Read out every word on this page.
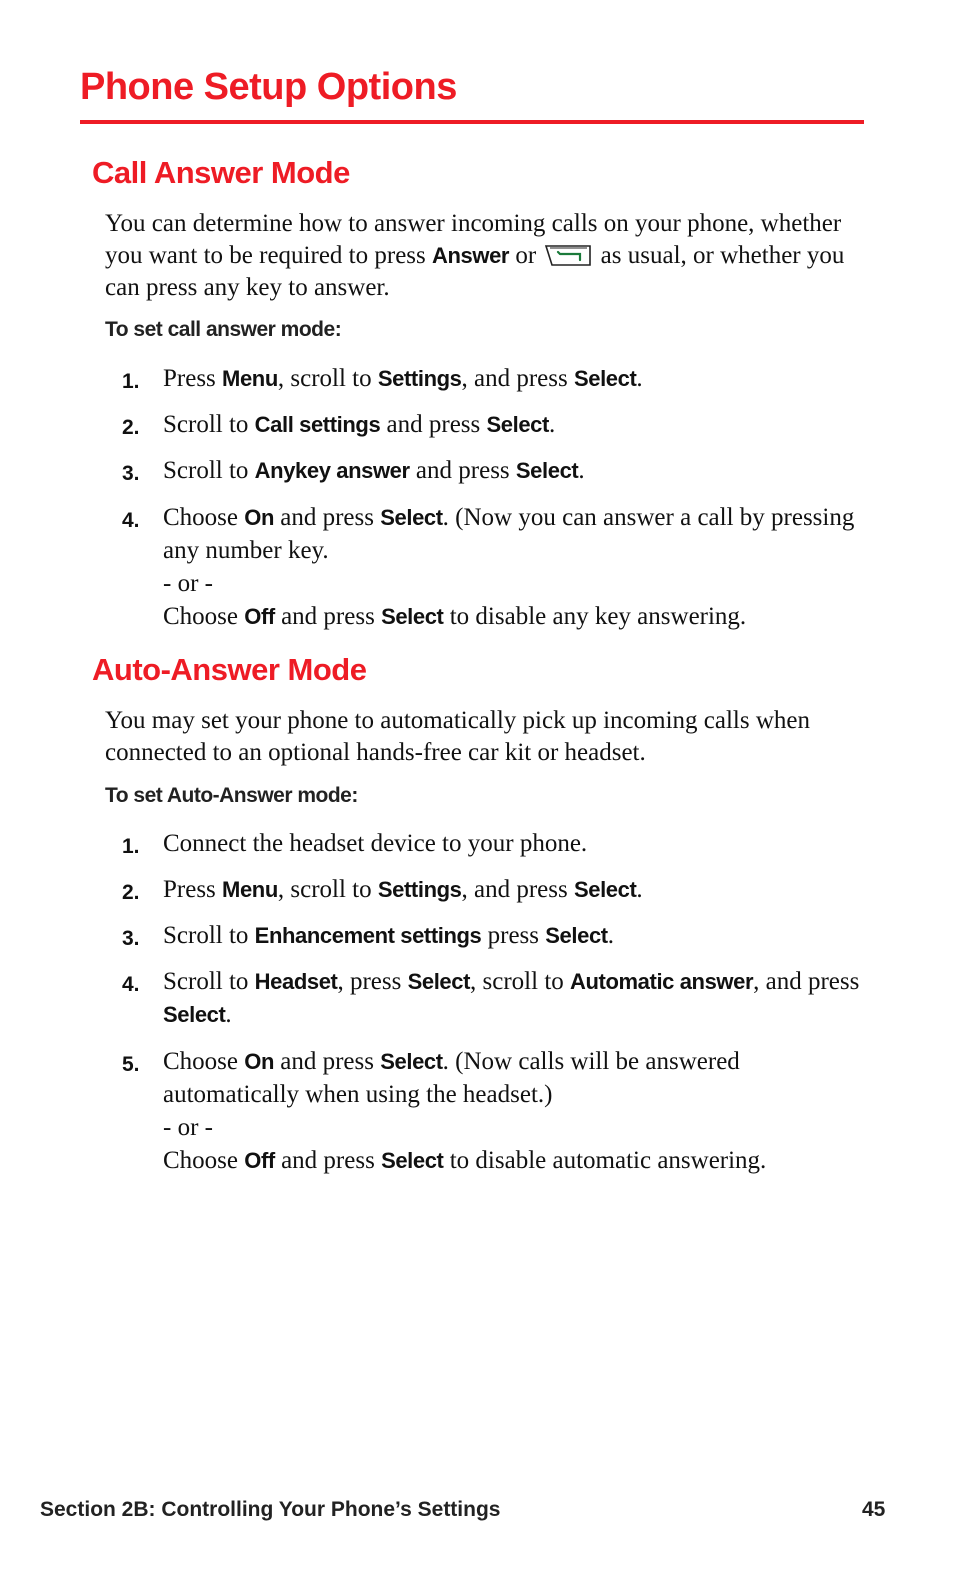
Phone Setup Options
Call Answer Mode

You can determine how to answer incoming calls on your phone, whether you want to be required to press Answer or  as usual, or whether you can press any key to answer.

To set call answer mode:

1. Press Menu, scroll to Settings, and press Select.
2. Scroll to Call settings and press Select.
3. Scroll to Anykey answer and press Select.
4. Choose On and press Select. (Now you can answer a call by pressing any number key.
- or -
Choose Off and press Select to disable any key answering.
Auto-Answer Mode

You may set your phone to automatically pick up incoming calls when connected to an optional hands-free car kit or headset.

To set Auto-Answer mode:

1. Connect the headset device to your phone.
2. Press Menu, scroll to Settings, and press Select.
3. Scroll to Enhancement settings press Select.
4. Scroll to Headset, press Select, scroll to Automatic answer, and press Select.
5. Choose On and press Select. (Now calls will be answered automatically when using the headset.)
- or -
Choose Off and press Select to disable automatic answering.
Section 2B: Controlling Your Phone’s Settings	45
